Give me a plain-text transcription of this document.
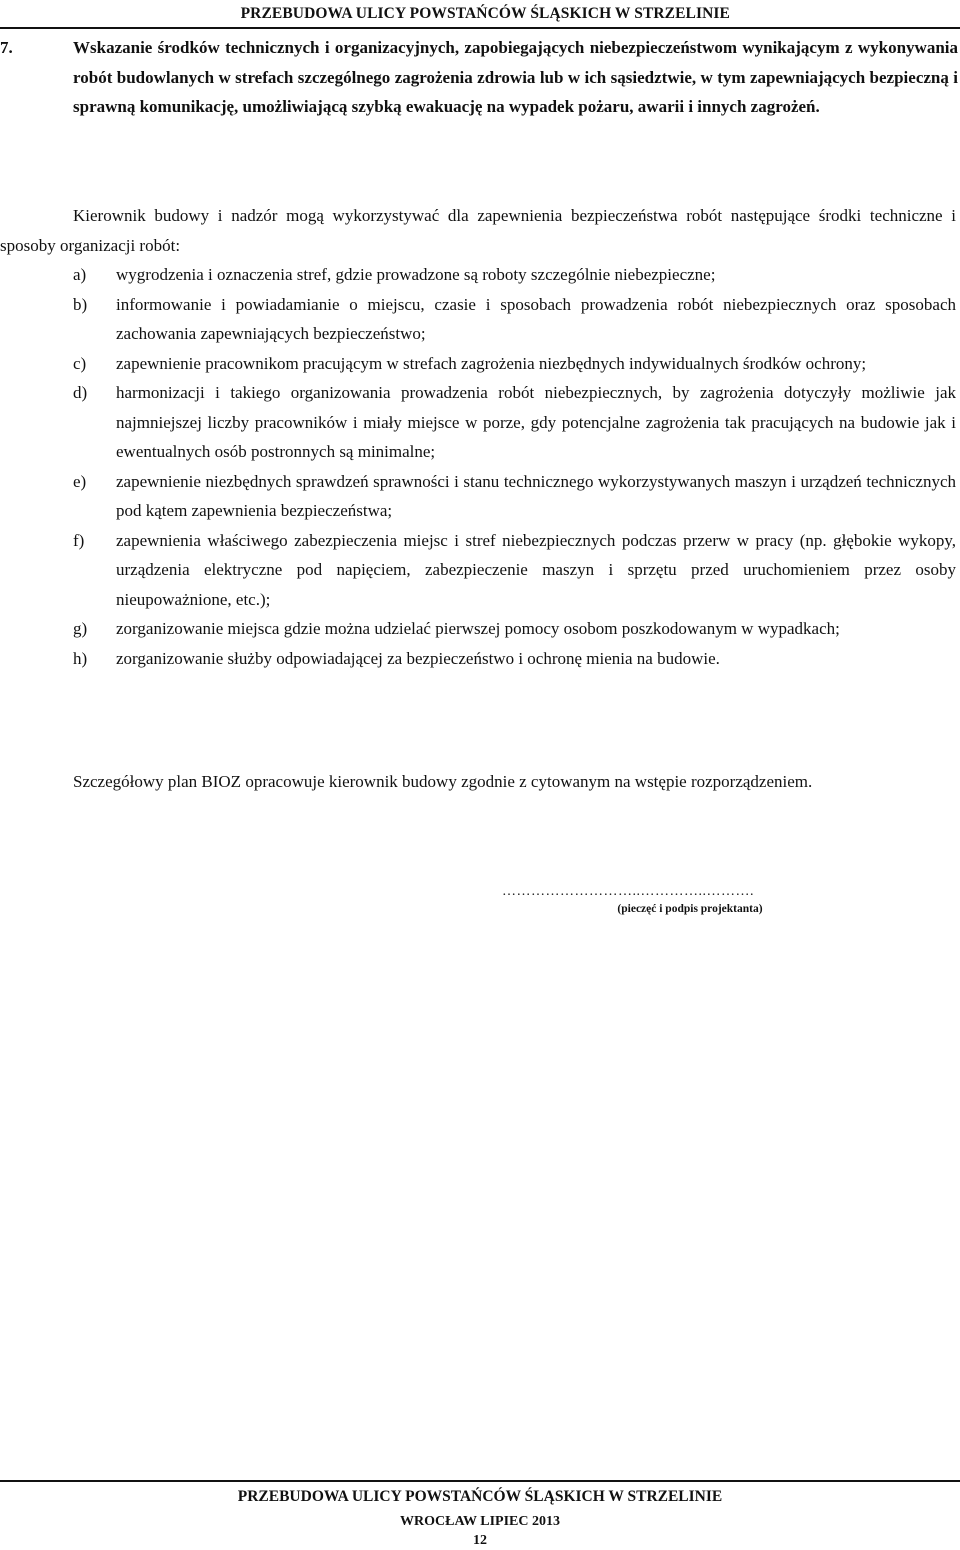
PRZEBUDOWA ULICY POWSTAŃCÓW ŚLĄSKICH W STRZELINIE
7.	Wskazanie środków technicznych i organizacyjnych, zapobiegających niebezpieczeństwom wynikającym z wykonywania robót budowlanych w strefach szczególnego zagrożenia zdrowia lub w ich sąsiedztwie, w tym zapewniających bezpieczną i sprawną komunikację, umożliwiającą szybką ewakuację na wypadek pożaru, awarii i innych zagrożeń.
Kierownik budowy i nadzór mogą wykorzystywać dla zapewnienia bezpieczeństwa robót następujące środki techniczne i sposoby organizacji robót:
a) wygrodzenia i oznaczenia stref, gdzie prowadzone są roboty szczególnie niebezpieczne;
b) informowanie i powiadamianie o miejscu, czasie i sposobach prowadzenia robót niebezpiecznych oraz sposobach zachowania zapewniających bezpieczeństwo;
c) zapewnienie pracownikom pracującym w strefach zagrożenia niezbędnych indywidualnych środków ochrony;
d) harmonizacji i takiego organizowania prowadzenia robót niebezpiecznych, by zagrożenia dotyczyły możliwie jak najmniejszej liczby pracowników i miały miejsce w porze, gdy potencjalne zagrożenia tak pracujących na budowie jak i ewentualnych osób postronnych są minimalne;
e) zapewnienie niezbędnych sprawdzeń sprawności i stanu technicznego wykorzystywanych maszyn i urządzeń technicznych pod kątem zapewnienia bezpieczeństwa;
f) zapewnienia właściwego zabezpieczenia miejsc i stref niebezpiecznych podczas przerw w pracy (np. głębokie wykopy, urządzenia elektryczne pod napięciem, zabezpieczenie maszyn i sprzętu przed uruchomieniem przez osoby nieupoważnione, etc.);
g) zorganizowanie miejsca gdzie można udzielać pierwszej pomocy osobom poszkodowanym w wypadkach;
h) zorganizowanie służby odpowiadającej za bezpieczeństwo i ochronę mienia na budowie.
Szczegółowy plan BIOZ opracowuje kierownik budowy zgodnie z cytowanym na wstępie rozporządzeniem.
………………………..…………..……….
(pieczęć i podpis projektanta)
PRZEBUDOWA ULICY POWSTAŃCÓW ŚLĄSKICH W STRZELINIE
WROCŁAW LIPIEC 2013
12
